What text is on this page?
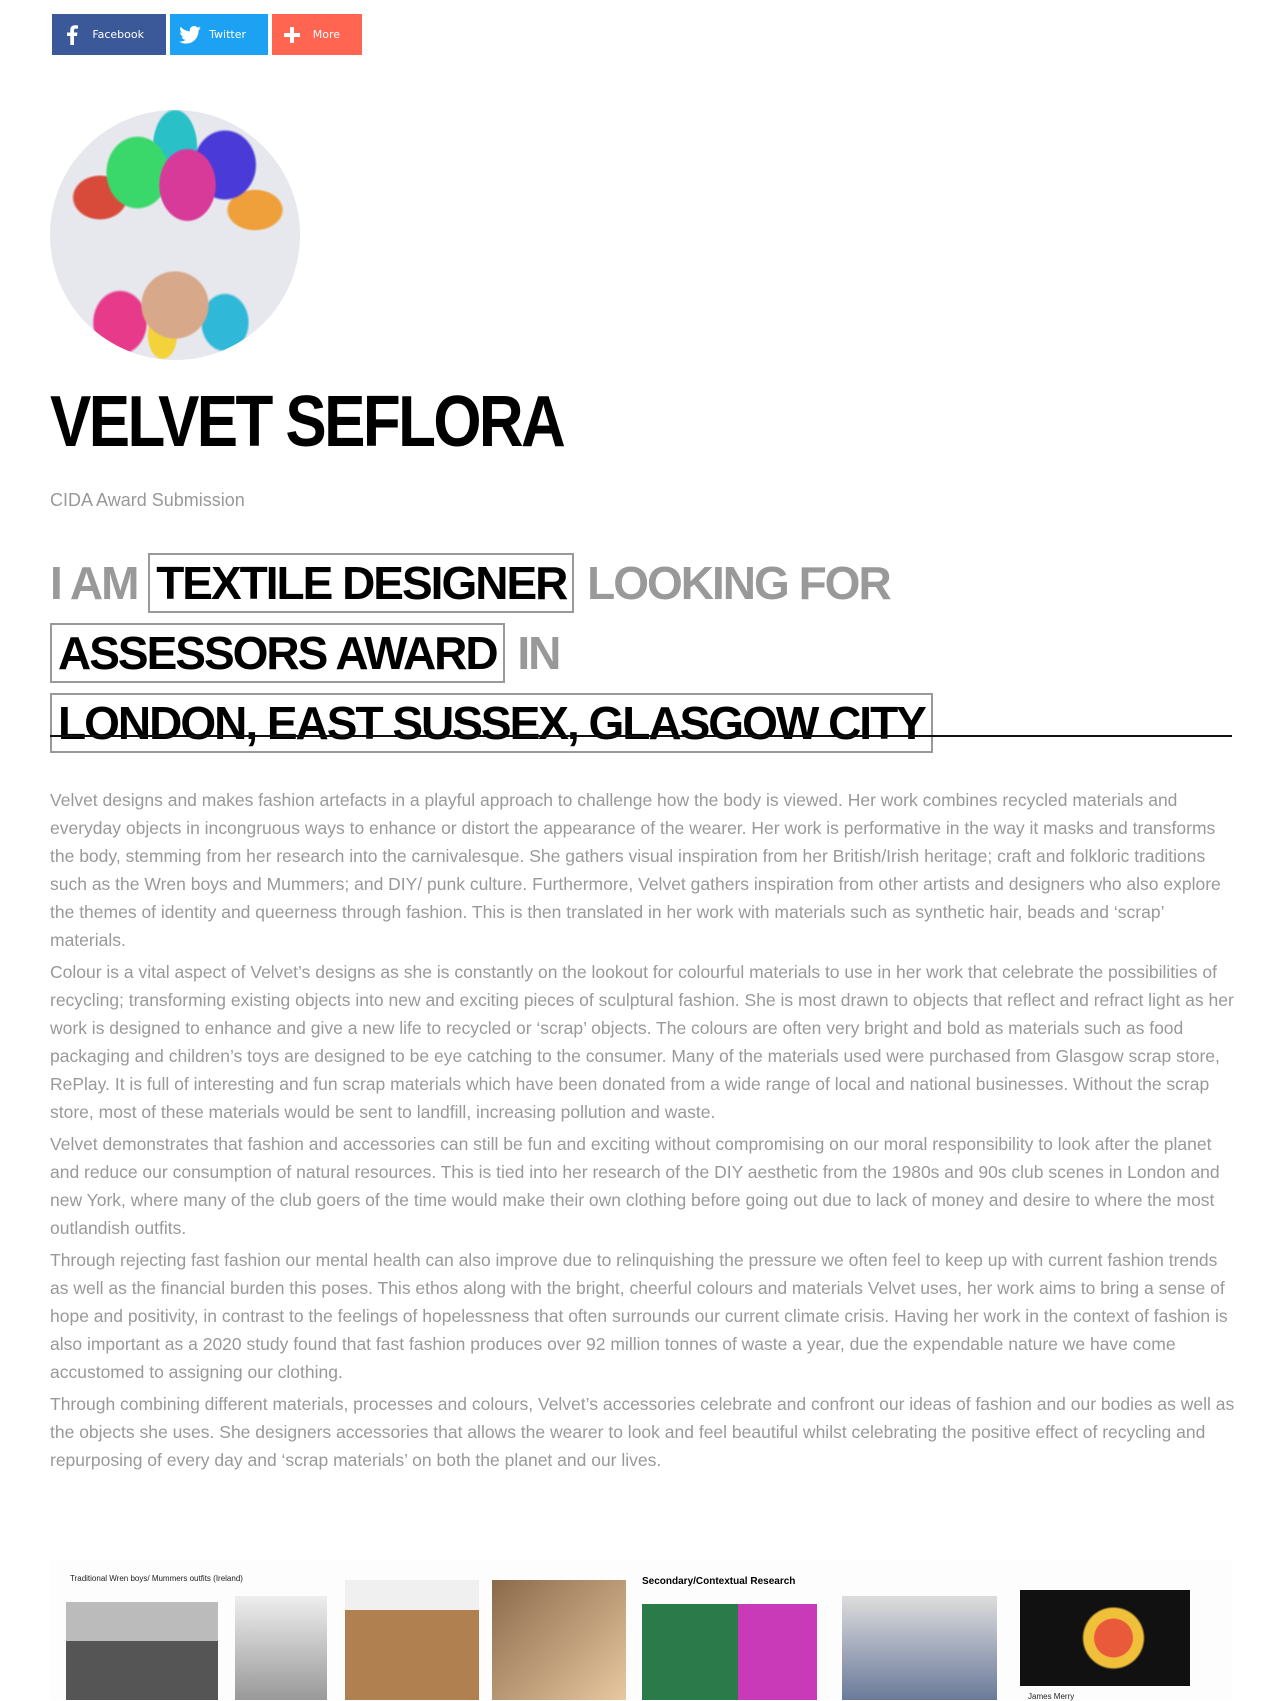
Facebook	Twitter	More
VELVET SEFLORA
CIDA Award Submission
I AM TEXTILE DESIGNER LOOKING FOR ASSESSORS AWARD IN LONDON, EAST SUSSEX, GLASGOW CITY

Velvet designs and makes fashion artefacts in a playful approach to challenge how the body is viewed. Her work combines recycled materials and everyday objects in incongruous ways to enhance or distort the appearance of the wearer. Her work is performative in the way it masks and transforms the body, stemming from her research into the carnivalesque. She gathers visual inspiration from her British/Irish heritage; craft and folkloric traditions such as the Wren boys and Mummers; and DIY/ punk culture. Furthermore, Velvet gathers inspiration from other artists and designers who also explore the themes of identity and queerness through fashion. This is then translated in her work with materials such as synthetic hair, beads and ‘scrap’ materials.

Colour is a vital aspect of Velvet’s designs as she is constantly on the lookout for colourful materials to use in her work that celebrate the possibilities of recycling; transforming existing objects into new and exciting pieces of sculptural fashion. She is most drawn to objects that reflect and refract light as her work is designed to enhance and give a new life to recycled or ‘scrap’ objects. The colours are often very bright and bold as materials such as food packaging and children’s toys are designed to be eye catching to the consumer. Many of the materials used were purchased from Glasgow scrap store, RePlay. It is full of interesting and fun scrap materials which have been donated from a wide range of local and national businesses. Without the scrap store, most of these materials would be sent to landfill, increasing pollution and waste.

Velvet demonstrates that fashion and accessories can still be fun and exciting without compromising on our moral responsibility to look after the planet and reduce our consumption of natural resources. This is tied into her research of the DIY aesthetic from the 1980s and 90s club scenes in London and new York, where many of the club goers of the time would make their own clothing before going out due to lack of money and desire to where the most outlandish outfits.

Through rejecting fast fashion our mental health can also improve due to relinquishing the pressure we often feel to keep up with current fashion trends as well as the financial burden this poses. This ethos along with the bright, cheerful colours and materials Velvet uses, her work aims to bring a sense of hope and positivity, in contrast to the feelings of hopelessness that often surrounds our current climate crisis. Having her work in the context of fashion is also important as a 2020 study found that fast fashion produces over 92 million tonnes of waste a year, due the expendable nature we have come accustomed to assigning our clothing.

Through combining different materials, processes and colours, Velvet’s accessories celebrate and confront our ideas of fashion and our bodies as well as the objects she uses. She designers accessories that allows the wearer to look and feel beautiful whilst celebrating the positive effect of recycling and repurposing of every day and ‘scrap materials’ on both the planet and our lives.

Traditional Wren boys/ Mummers outfits (Ireland)	Secondary/Contextual Research
James Merry
